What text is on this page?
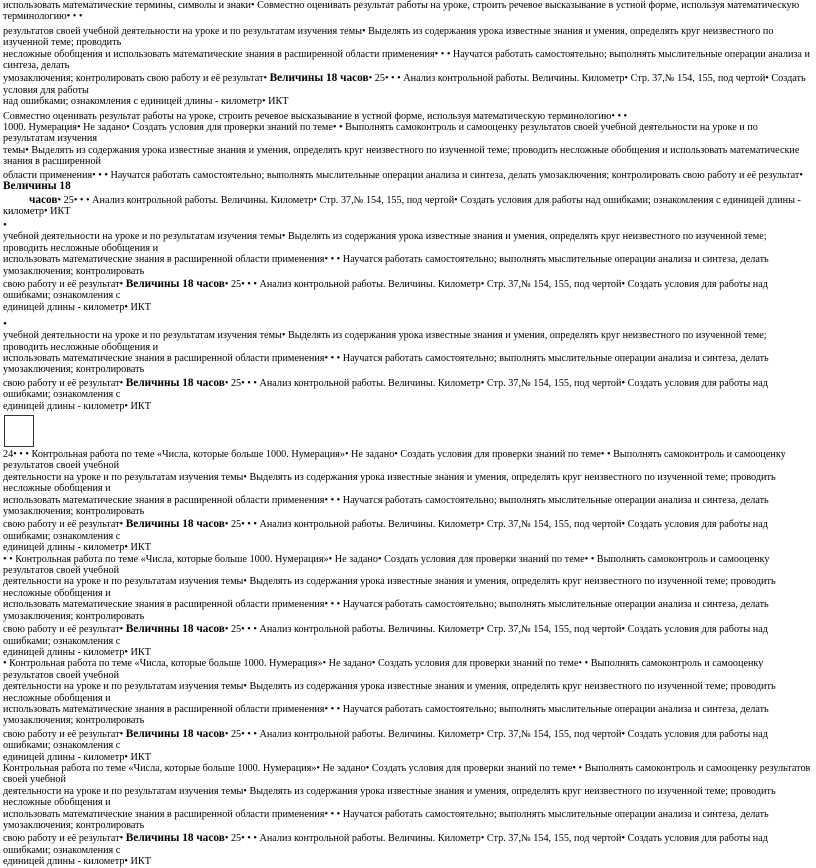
использовать математические термины, символы и знаки• Совместно оценивать результат работы на уроке, строить речевое высказывание в устной форме, используя математическую

терминологию• • •

результатов своей учебной деятельности на уроке и по результатам изучения темы• Выделять из содержания урока известные знания и умения, определять круг неизвестного по изученной теме; проводить

несложные обобщения и использовать математические знания в расширенной области применения• • • Научатся работать самостоятельно; выполнять мыслительные операции анализа и синтеза, делать

умозаключения; контролировать свою работу и её результат• Величины 18 часов• 25• • • Анализ контрольной работы. Величины. Километр• Стр. 37,№ 154, 155, под чертой• Создать условия для работы

над ошибками; ознакомления с единицей длины - километр• ИКТ

Совместно оценивать результат работы на уроке, строить речевое высказывание в устной форме, используя математическую терминологию• • •

1000. Нумерация• Не задано• Создать условия для проверки знаний по теме• • Выполнять самоконтроль и самооценку результатов своей учебной деятельности на уроке и по результатам изучения

темы• Выделять из содержания урока известные знания и умения, определять круг неизвестного по изученной теме; проводить несложные обобщения и использовать математические знания в расширенной

области применения• • • Научатся работать самостоятельно; выполнять мыслительные операции анализа и синтеза, делать умозаключения; контролировать свою работу и её результат• Величины 18

часов• 25• • • Анализ контрольной работы. Величины. Километр• Стр. 37,№ 154, 155, под чертой• Создать условия для работы над ошибками; ознакомления с единицей длины - километр• ИКТ

•

учебной деятельности на уроке и по результатам изучения темы• Выделять из содержания урока известные знания и умения, определять круг неизвестного по изученной теме; проводить несложные обобщения и

использовать математические знания в расширенной области применения• • • Научатся работать самостоятельно; выполнять мыслительные операции анализа и синтеза, делать умозаключения; контролировать

свою работу и её результат• Величины 18 часов• 25• • • Анализ контрольной работы. Величины. Километр• Стр. 37,№ 154, 155, под чертой• Создать условия для работы над ошибками; ознакомления с

единицей длины - километр• ИКТ

•

учебной деятельности на уроке и по результатам изучения темы• Выделять из содержания урока известные знания и умения, определять круг неизвестного по изученной теме; проводить несложные обобщения и

использовать математические знания в расширенной области применения• • • Научатся работать самостоятельно; выполнять мыслительные операции анализа и синтеза, делать умозаключения; контролировать

свою работу и её результат• Величины 18 часов• 25• • • Анализ контрольной работы. Величины. Километр• Стр. 37,№ 154, 155, под чертой• Создать условия для работы над ошибками; ознакомления с

единицей длины - километр• ИКТ

24• • • Контрольная работа по теме «Числа, которые больше 1000. Нумерация»• Не задано• Создать условия для проверки знаний по теме• • Выполнять самоконтроль и самооценку результатов своей учебной

деятельности на уроке и по результатам изучения темы• Выделять из содержания урока известные знания и умения, определять круг неизвестного по изученной теме; проводить несложные обобщения и

использовать математические знания в расширенной области применения• • • Научатся работать самостоятельно; выполнять мыслительные операции анализа и синтеза, делать умозаключения; контролировать

свою работу и её результат• Величины 18 часов• 25• • • Анализ контрольной работы. Величины. Километр• Стр. 37,№ 154, 155, под чертой• Создать условия для работы над ошибками; ознакомления с

единицей длины - километр• ИКТ

• • Контрольная работа по теме «Числа, которые больше 1000. Нумерация»• Не задано• Создать условия для проверки знаний по теме• • Выполнять самоконтроль и самооценку результатов своей учебной

деятельности на уроке и по результатам изучения темы• Выделять из содержания урока известные знания и умения, определять круг неизвестного по изученной теме; проводить несложные обобщения и

использовать математические знания в расширенной области применения• • • Научатся работать самостоятельно; выполнять мыслительные операции анализа и синтеза, делать умозаключения; контролировать

свою работу и её результат• Величины 18 часов• 25• • • Анализ контрольной работы. Величины. Километр• Стр. 37,№ 154, 155, под чертой• Создать условия для работы над ошибками; ознакомления с

единицей длины - километр• ИКТ

• Контрольная работа по теме «Числа, которые больше 1000. Нумерация»• Не задано• Создать условия для проверки знаний по теме• • Выполнять самоконтроль и самооценку результатов своей учебной

деятельности на уроке и по результатам изучения темы• Выделять из содержания урока известные знания и умения, определять круг неизвестного по изученной теме; проводить несложные обобщения и

использовать математические знания в расширенной области применения• • • Научатся работать самостоятельно; выполнять мыслительные операции анализа и синтеза, делать умозаключения; контролировать

свою работу и её результат• Величины 18 часов• 25• • • Анализ контрольной работы. Величины. Километр• Стр. 37,№ 154, 155, под чертой• Создать условия для работы над ошибками; ознакомления с

единицей длины - километр• ИКТ

Контрольная работа по теме «Числа, которые больше 1000. Нумерация»• Не задано• Создать условия для проверки знаний по теме• • Выполнять самоконтроль и самооценку результатов своей учебной

деятельности на уроке и по результатам изучения темы• Выделять из содержания урока известные знания и умения, определять круг неизвестного по изученной теме; проводить несложные обобщения и

использовать математические знания в расширенной области применения• • • Научатся работать самостоятельно; выполнять мыслительные операции анализа и синтеза, делать умозаключения; контролировать

свою работу и её результат• Величины 18 часов• 25• • • Анализ контрольной работы. Величины. Километр• Стр. 37,№ 154, 155, под чертой• Создать условия для работы над ошибками; ознакомления с

единицей длины - километр• ИКТ
